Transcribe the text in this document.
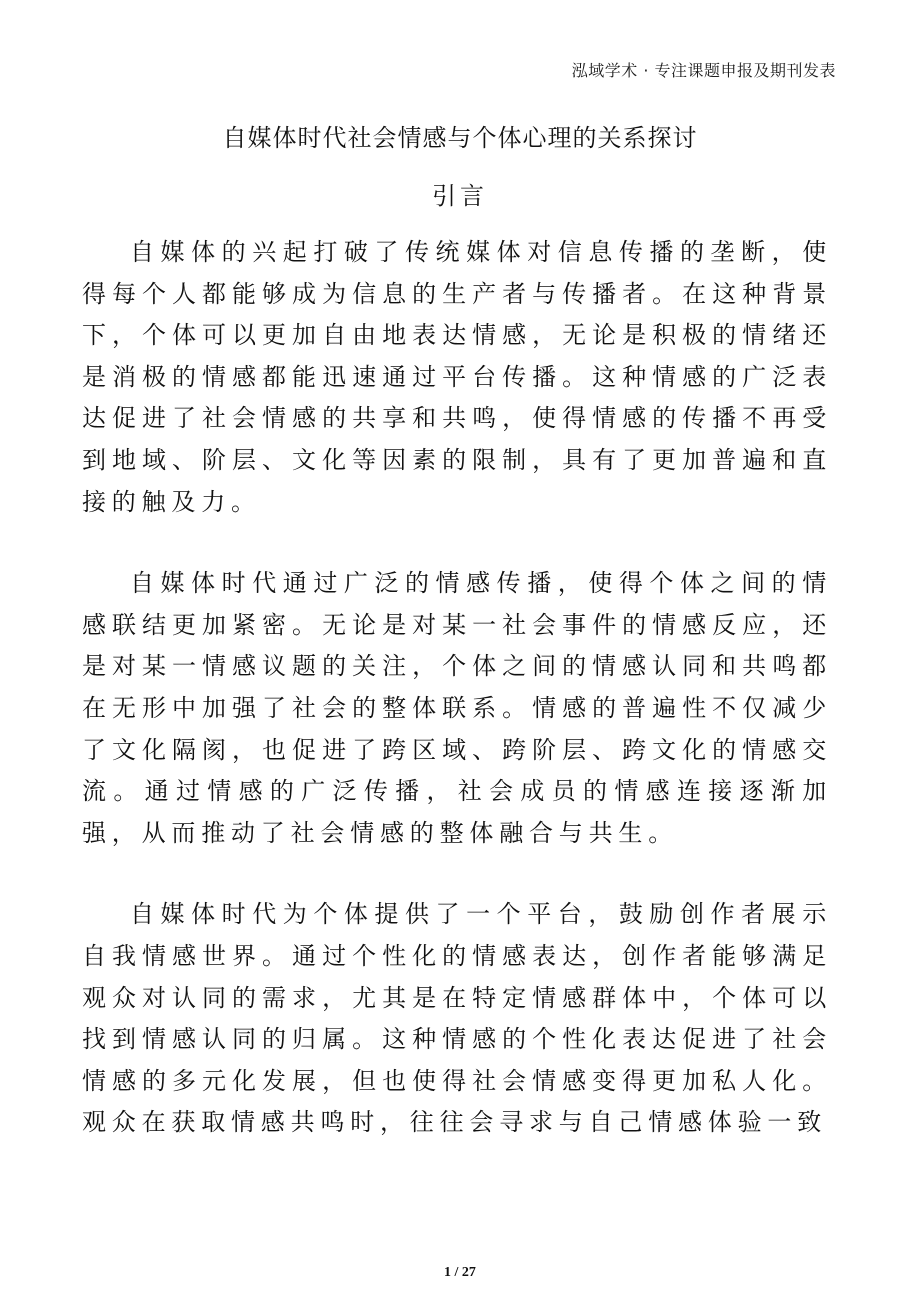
泓域学术 · 专注课题申报及期刊发表
自媒体时代社会情感与个体心理的关系探讨
引言

自媒体的兴起打破了传统媒体对信息传播的垄断，使得每个人都能够成为信息的生产者与传播者。在这种背景下，个体可以更加自由地表达情感，无论是积极的情绪还是消极的情感都能迅速通过平台传播。这种情感的广泛表达促进了社会情感的共享和共鸣，使得情感的传播不再受到地域、阶层、文化等因素的限制，具有了更加普遍和直接的触及力。

自媒体时代通过广泛的情感传播，使得个体之间的情感联结更加紧密。无论是对某一社会事件的情感反应，还是对某一情感议题的关注，个体之间的情感认同和共鸣都在无形中加强了社会的整体联系。情感的普遍性不仅减少了文化隔阂，也促进了跨区域、跨阶层、跨文化的情感交流。通过情感的广泛传播，社会成员的情感连接逐渐加强，从而推动了社会情感的整体融合与共生。

自媒体时代为个体提供了一个平台，鼓励创作者展示自我情感世界。通过个性化的情感表达，创作者能够满足观众对认同的需求，尤其是在特定情感群体中，个体可以找到情感认同的归属。这种情感的个性化表达促进了社会情感的多元化发展，但也使得社会情感变得更加私人化。观众在获取情感共鸣时，往往会寻求与自己情感体验一致

1 / 27
